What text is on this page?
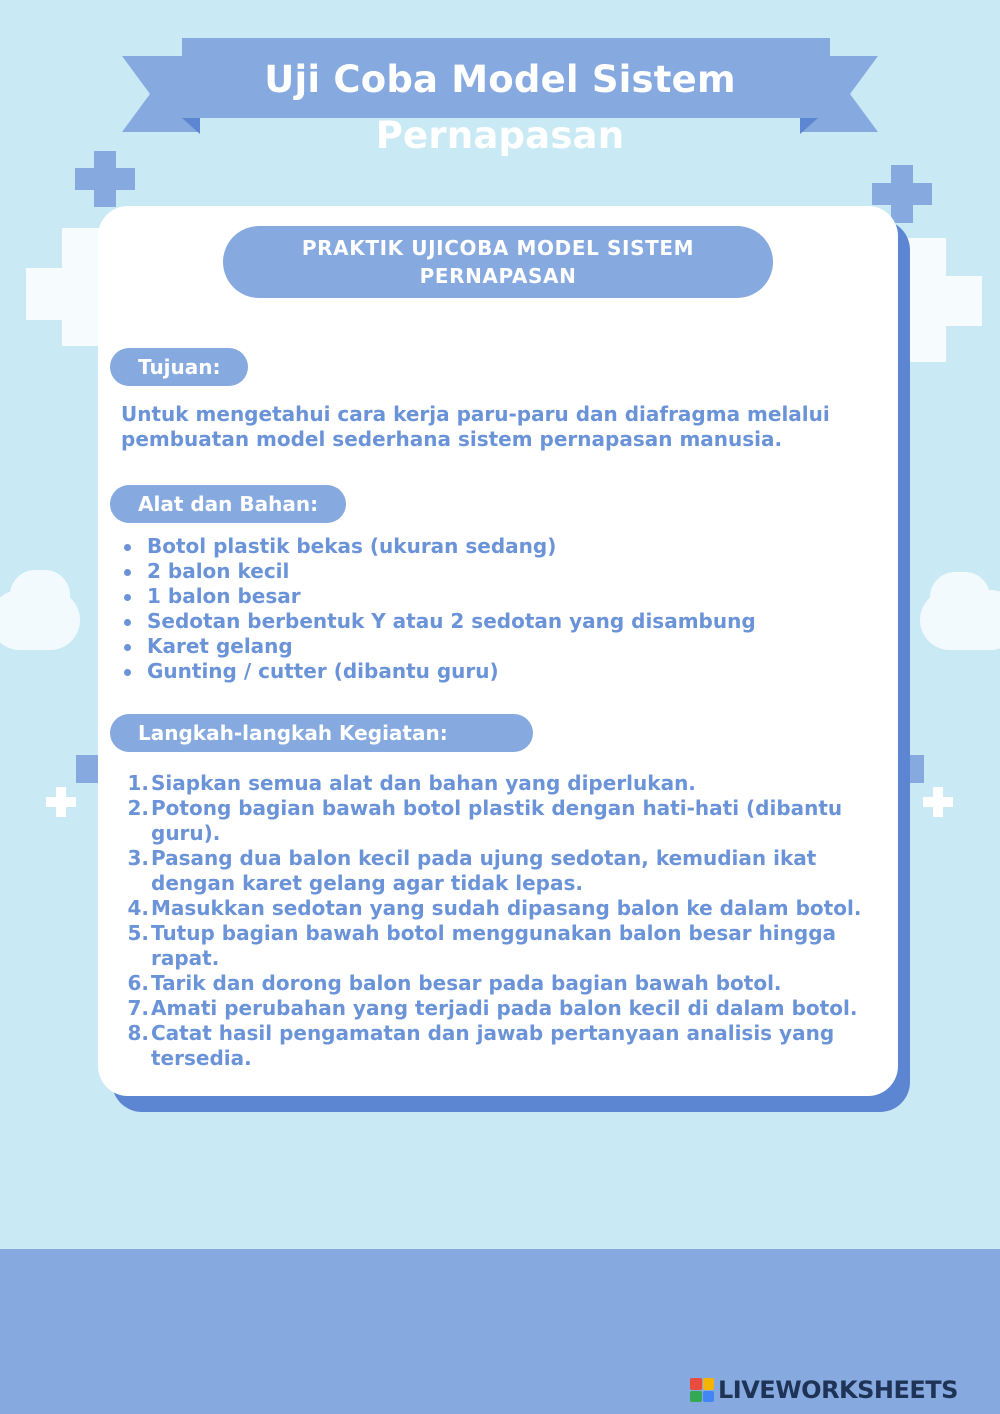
Uji Coba Model Sistem Pernapasan
PRAKTIK UJICOBA MODEL SISTEM PERNAPASAN
Tujuan:
Untuk mengetahui cara kerja paru-paru dan diafragma melalui pembuatan model sederhana sistem pernapasan manusia.
Alat dan Bahan:
Botol plastik bekas (ukuran sedang)
2 balon kecil
1 balon besar
Sedotan berbentuk Y atau 2 sedotan yang disambung
Karet gelang
Gunting / cutter (dibantu guru)
Langkah-langkah Kegiatan:
1. Siapkan semua alat dan bahan yang diperlukan.
2. Potong bagian bawah botol plastik dengan hati-hati (dibantu guru).
3. Pasang dua balon kecil pada ujung sedotan, kemudian ikat dengan karet gelang agar tidak lepas.
4. Masukkan sedotan yang sudah dipasang balon ke dalam botol.
5. Tutup bagian bawah botol menggunakan balon besar hingga rapat.
6. Tarik dan dorong balon besar pada bagian bawah botol.
7. Amati perubahan yang terjadi pada balon kecil di dalam botol.
8. Catat hasil pengamatan dan jawab pertanyaan analisis yang tersedia.
LIVEWORKSHEETS
